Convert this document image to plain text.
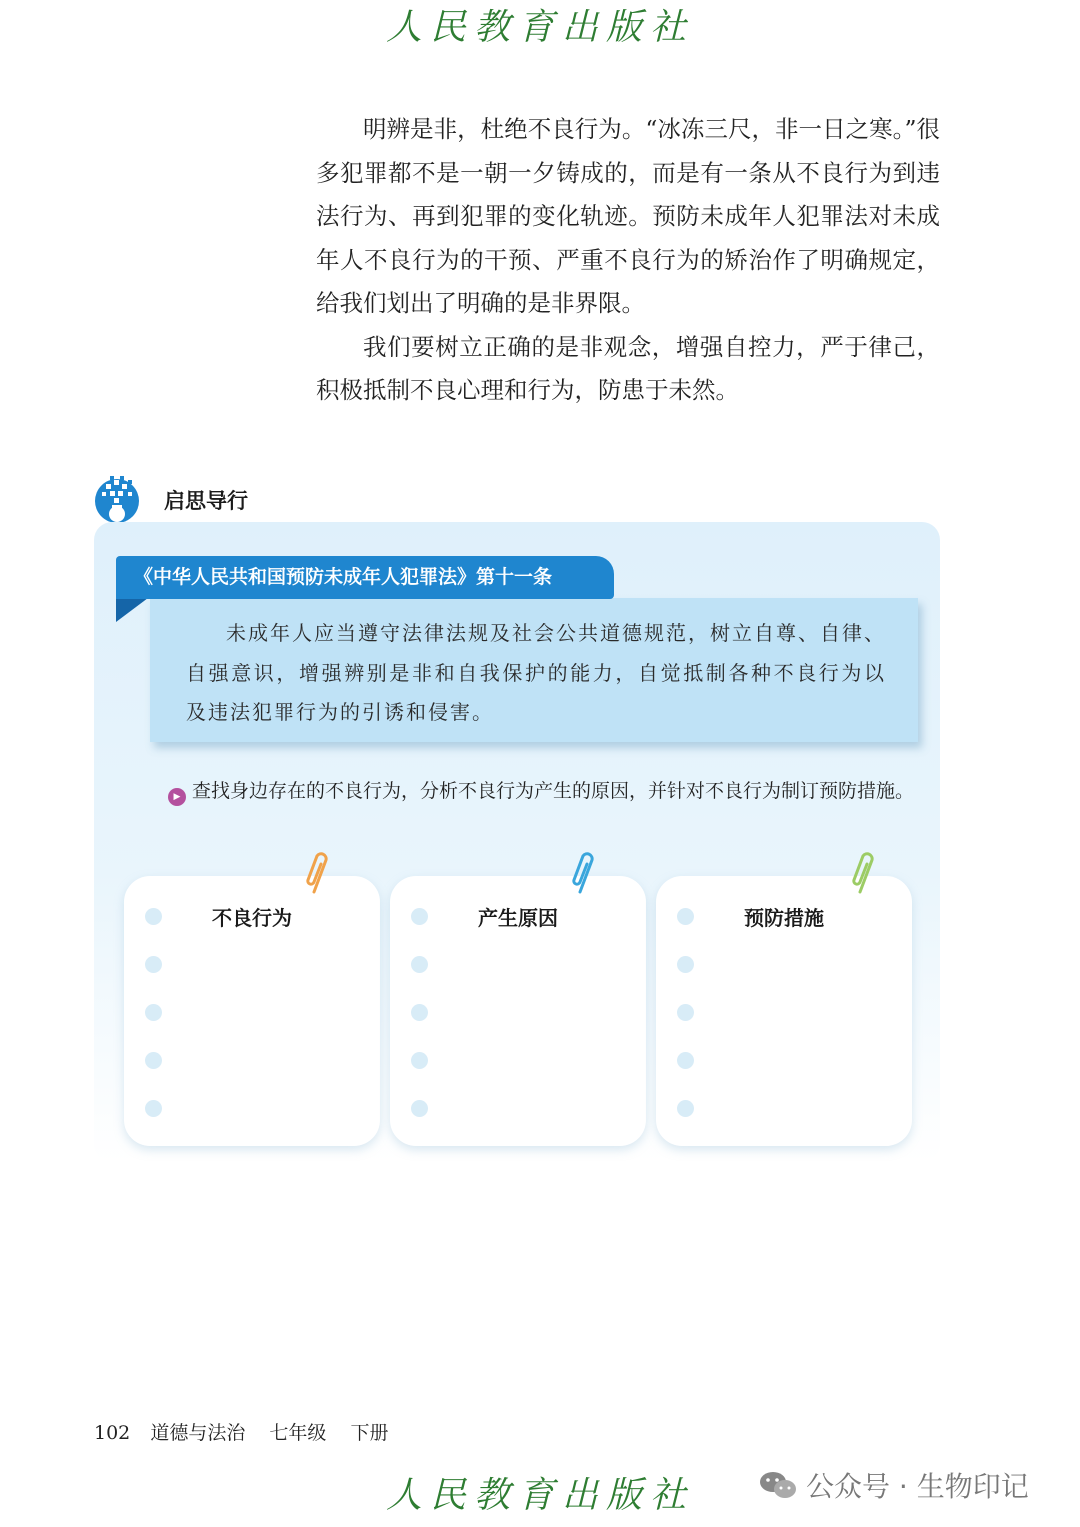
人民教育出版社

明辨是非，杜绝不良行为。“冰冻三尺，非一日之寒。”很多犯罪都不是一朝一夕铸成的，而是有一条从不良行为到违法行为、再到犯罪的变化轨迹。预防未成年人犯罪法对未成年人不良行为的干预、严重不良行为的矫治作了明确规定，给我们划出了明确的是非界限。

我们要树立正确的是非观念，增强自控力，严于律己，积极抵制不良心理和行为，防患于未然。

启思导行
《中华人民共和国预防未成年人犯罪法》第十一条
未成年人应当遵守法律法规及社会公共道德规范，树立自尊、自律、自强意识，增强辨别是非和自我保护的能力，自觉抵制各种不良行为以及违法犯罪行为的引诱和侵害。
▶ 查找身边存在的不良行为，分析不良行为产生的原因，并针对不良行为制订预防措施。
不良行为	产生原因	预防措施
102 道德与法治 七年级 下册
人民教育出版社	公众号 · 生物印记
